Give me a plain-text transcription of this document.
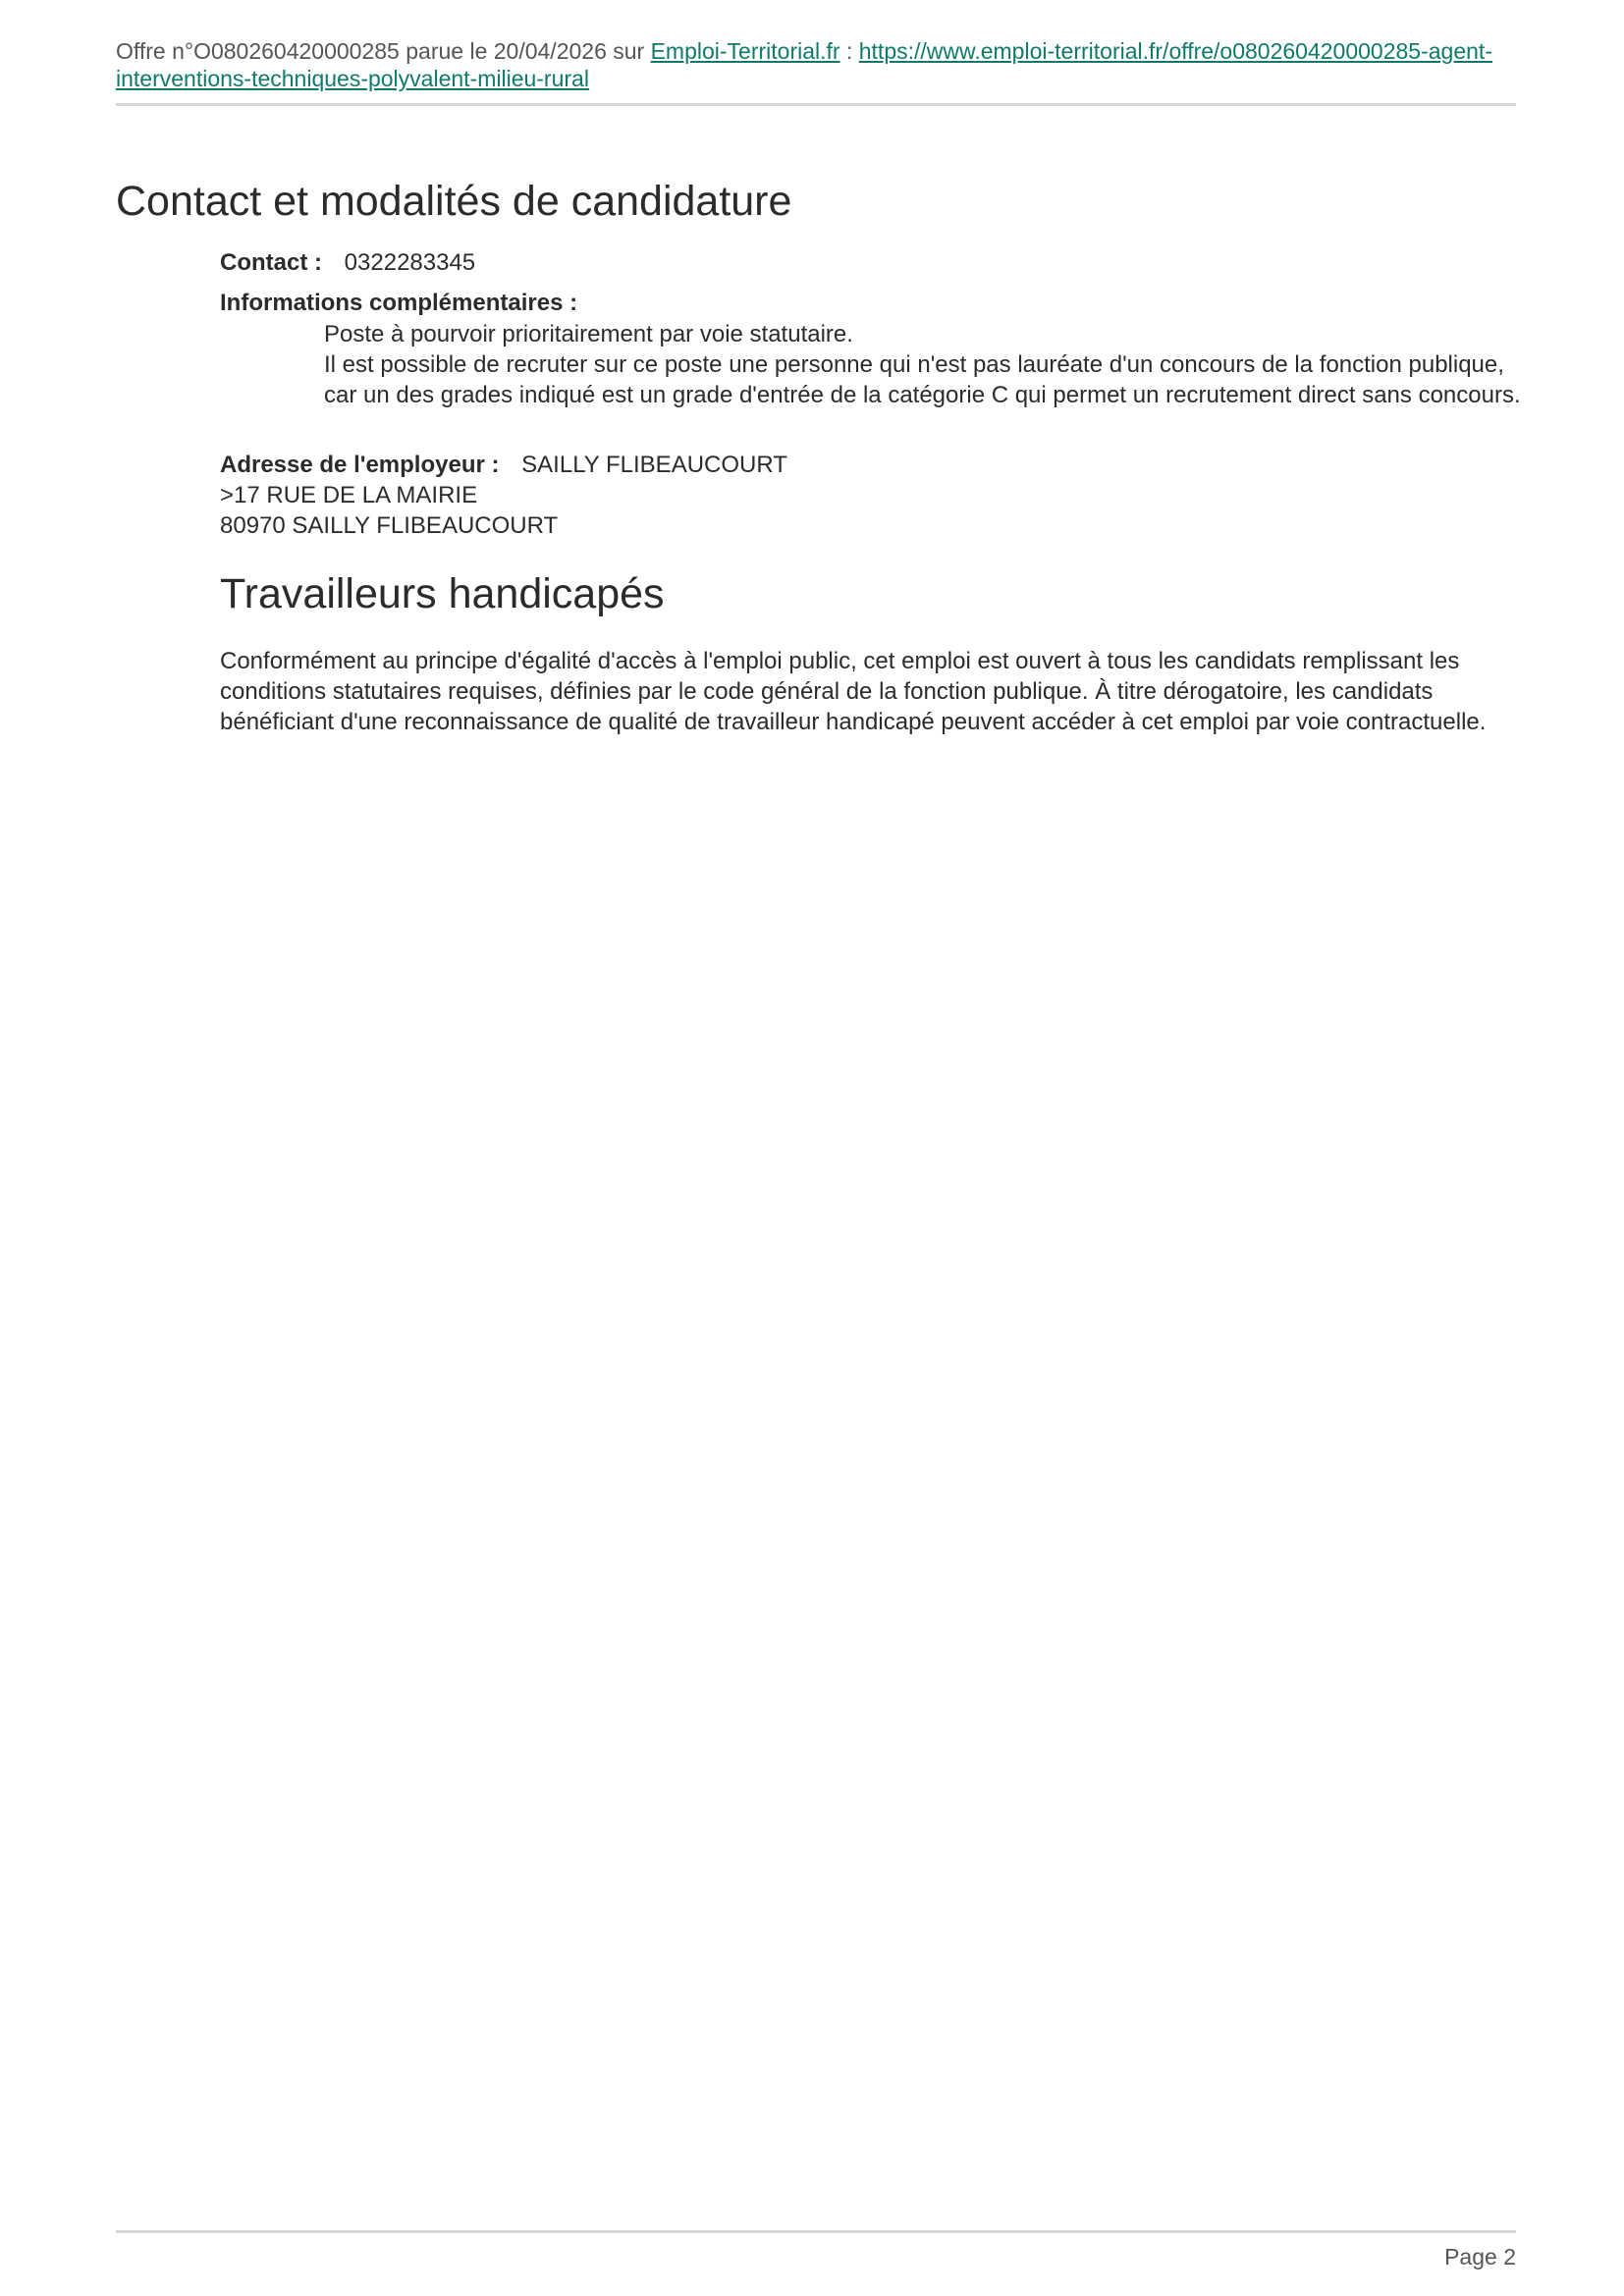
Offre n°O080260420000285 parue le 20/04/2026 sur Emploi-Territorial.fr : https://www.emploi-territorial.fr/offre/o080260420000285-agent-interventions-techniques-polyvalent-milieu-rural
Contact et modalités de candidature
Contact : 0322283345
Informations complémentaires :

Poste à pourvoir prioritairement par voie statutaire.

Il est possible de recruter sur ce poste une personne qui n'est pas lauréate d'un concours de la fonction publique, car un des grades indiqué est un grade d'entrée de la catégorie C qui permet un recrutement direct sans concours.

Adresse de l'employeur : SAILLY FLIBEAUCOURT
>17 RUE DE LA MAIRIE
80970 SAILLY FLIBEAUCOURT
Travailleurs handicapés

Conformément au principe d'égalité d'accès à l'emploi public, cet emploi est ouvert à tous les candidats remplissant les conditions statutaires requises, définies par le code général de la fonction publique. À titre dérogatoire, les candidats bénéficiant d'une reconnaissance de qualité de travailleur handicapé peuvent accéder à cet emploi par voie contractuelle.

Page 2
